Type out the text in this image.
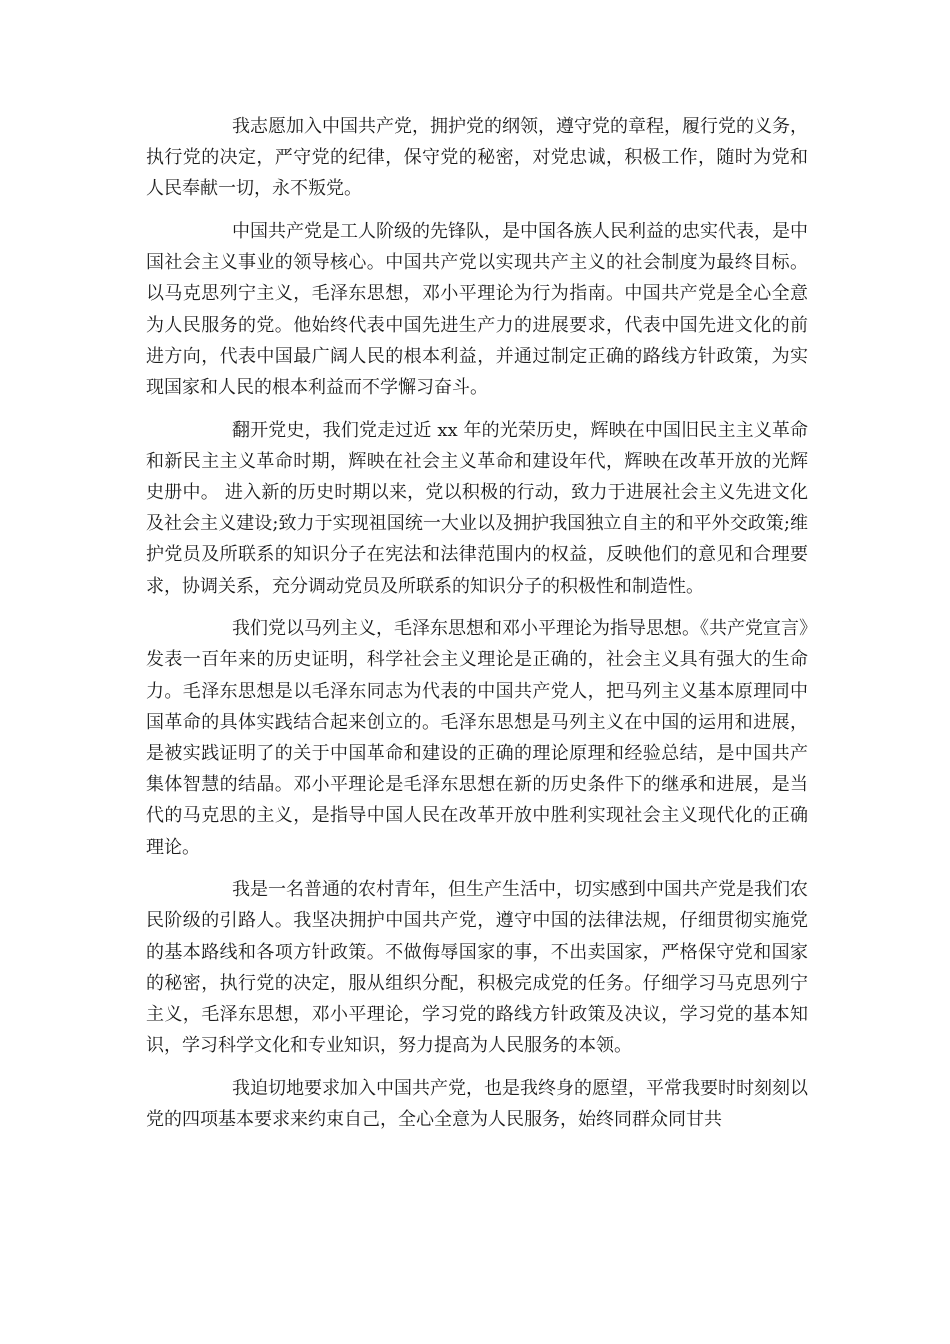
我志愿加入中国共产党，拥护党的纲领，遵守党的章程，履行党的义务，执行党的决定，严守党的纪律，保守党的秘密，对党忠诚，积极工作，随时为党和人民奉献一切，永不叛党。

中国共产党是工人阶级的先锋队，是中国各族人民利益的忠实代表，是中国社会主义事业的领导核心。中国共产党以实现共产主义的社会制度为最终目标。以马克思列宁主义，毛泽东思想，邓小平理论为行为指南。中国共产党是全心全意为人民服务的党。他始终代表中国先进生产力的进展要求，代表中国先进文化的前进方向，代表中国最广阔人民的根本利益，并通过制定正确的路线方针政策，为实现国家和人民的根本利益而不学懈习奋斗。

翻开党史，我们党走过近 xx 年的光荣历史，辉映在中国旧民主主义革命和新民主主义革命时期，辉映在社会主义革命和建设年代，辉映在改革开放的光辉史册中。 进入新的历史时期以来，党以积极的行动，致力于进展社会主义先进文化及社会主义建设;致力于实现祖国统一大业以及拥护我国独立自主的和平外交政策;维护党员及所联系的知识分子在宪法和法律范围内的权益，反映他们的意见和合理要求，协调关系，充分调动党员及所联系的知识分子的积极性和制造性。

我们党以马列主义，毛泽东思想和邓小平理论为指导思想。《共产党宣言》发表一百年来的历史证明，科学社会主义理论是正确的，社会主义具有强大的生命力。毛泽东思想是以毛泽东同志为代表的中国共产党人，把马列主义基本原理同中国革命的具体实践结合起来创立的。毛泽东思想是马列主义在中国的运用和进展，是被实践证明了的关于中国革命和建设的正确的理论原理和经验总结，是中国共产集体智慧的结晶。邓小平理论是毛泽东思想在新的历史条件下的继承和进展，是当代的马克思的主义，是指导中国人民在改革开放中胜利实现社会主义现代化的正确理论。

我是一名普通的农村青年，但生产生活中，切实感到中国共产党是我们农民阶级的引路人。我坚决拥护中国共产党，遵守中国的法律法规，仔细贯彻实施党的基本路线和各项方针政策。不做侮辱国家的事，不出卖国家，严格保守党和国家的秘密，执行党的决定，服从组织分配，积极完成党的任务。仔细学习马克思列宁主义，毛泽东思想，邓小平理论，学习党的路线方针政策及决议，学习党的基本知识，学习科学文化和专业知识，努力提高为人民服务的本领。

我迫切地要求加入中国共产党，也是我终身的愿望，平常我要时时刻刻以党的四项基本要求来约束自己，全心全意为人民服务，始终同群众同甘共
